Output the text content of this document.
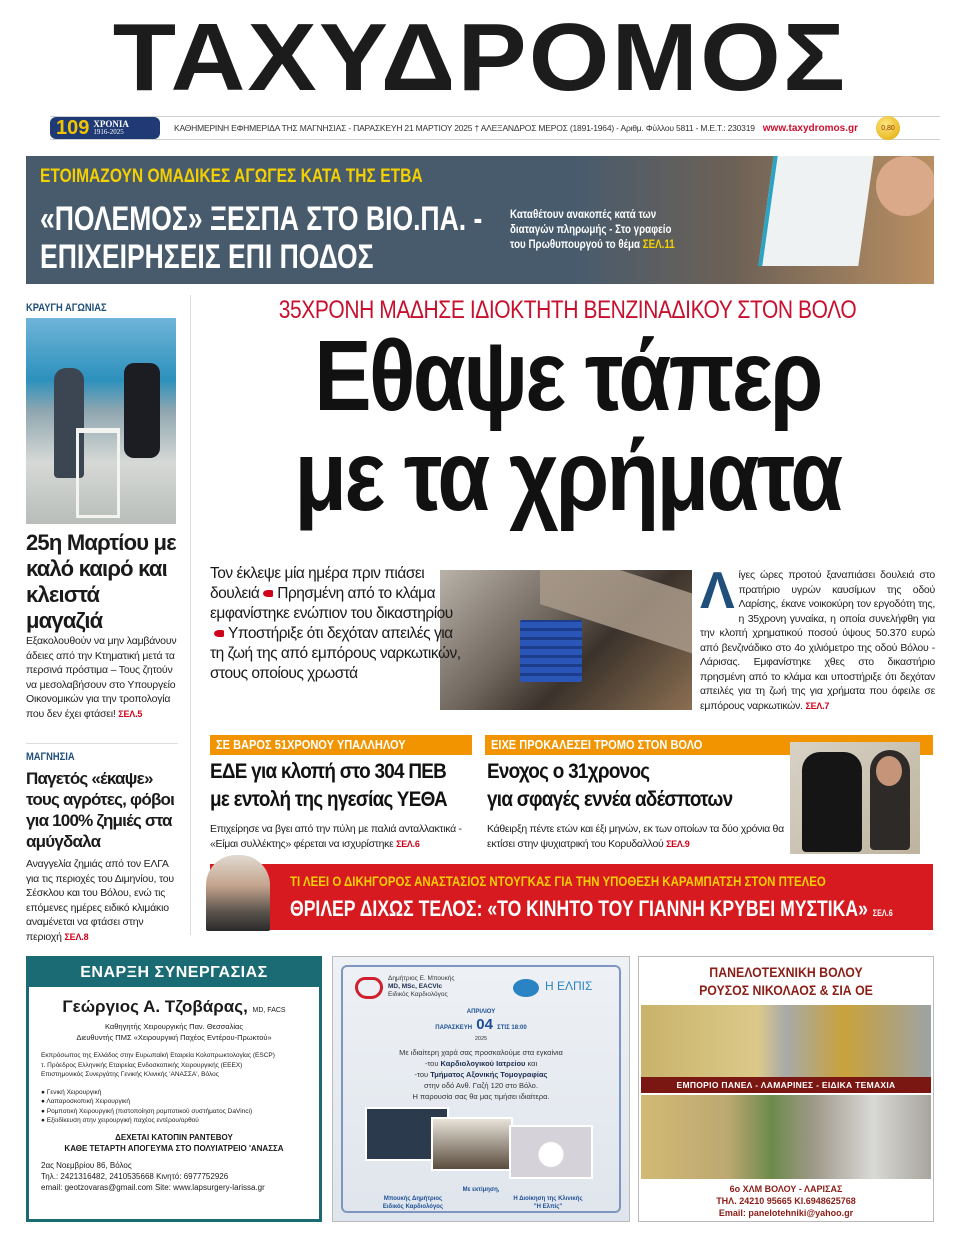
ΤΑΧΥΔΡΟΜΟΣ
109 ΧΡΟΝΙΑ
1916-2025	ΚΑΘΗΜΕΡΙΝΗ ΕΦΗΜΕΡΙΔΑ ΤΗΣ ΜΑΓΝΗΣΙΑΣ - ΠΑΡΑΣΚΕΥΗ 21 ΜΑΡΤΙΟΥ 2025 † ΑΛΕΞΑΝΔΡΟΣ ΜΕΡΟΣ (1891-1964) - Αριθμ. Φύλλου 5811 - Μ.Ε.Τ.: 230319 www.taxydromos.gr	0,80
ΕΤΟΙΜΑΖΟΥΝ ΟΜΑΔΙΚΕΣ ΑΓΩΓΕΣ ΚΑΤΑ ΤΗΣ ΕΤΒΑ
«ΠΟΛΕΜΟΣ» ΞΕΣΠΑ ΣΤΟ ΒΙΟ.ΠΑ. -
ΕΠΙΧΕΙΡΗΣΕΙΣ ΕΠΙ ΠΟΔΟΣ
Καταθέτουν ανακοπές κατά των διαταγών πληρωμής - Στο γραφείο του Πρωθυπουργού το θέμα ΣΕΛ.11
ΚΡΑΥΓΗ ΑΓΩΝΙΑΣ
25η Μαρτίου με καλό καιρό και κλειστά μαγαζιά
Εξακολουθούν να μην λαμβάνουν άδειες από την Κτηματική μετά τα περσινά πρόστιμα – Τους ζητούν να μεσολαβήσουν στο Υπουργείο Οικονομικών για την τροπολογία που δεν έχει φτάσει! ΣΕΛ.5
ΜΑΓΝΗΣΙΑ
Παγετός «έκαψε» τους αγρότες, φόβοι για 100% ζημιές στα αμύγδαλα
Αναγγελία ζημιάς από τον ΕΛΓΑ για τις περιοχές του Διμηνίου, του Σέσκλου και του Βόλου, ενώ τις επόμενες ημέρες ειδικό κλιμάκιο αναμένεται να φτάσει στην περιοχή ΣΕΛ.8
35ΧΡΟΝΗ ΜΑΔΗΣΕ ΙΔΙΟΚΤΗΤΗ ΒΕΝΖΙΝΑΔΙΚΟΥ ΣΤΟΝ ΒΟΛΟ
Εθαψε τάπερ
με τα χρήματα
Τον έκλεψε μία ημέρα πριν πιάσει δουλειά Πρησμένη από το κλάμα εμφανίστηκε ενώπιον του δικαστηρίουΥποστήριξε ότι δεχόταν απειλές για τη ζωή της από εμπόρους ναρκωτικών, στους οποίους χρωστά
Λ ίγες ώρες προτού ξαναπιάσει δουλειά στο πρατήριο υγρών καυσίμων της οδού Λαρίσης, έκανε νοικοκύρη τον εργοδότη της, η 35χρονη γυναίκα, η οποία συνελήφθη για την κλοπή χρηματικού ποσού ύψους 50.370 ευρώ από βενζινάδικο στο 4ο χιλιόμετρο της οδού Βόλου - Λάρισας. Εμφανίστηκε χθες στο δικαστήριο πρησμένη από το κλάμα και υποστήριξε ότι δεχόταν απειλές για τη ζωή της για χρήματα που όφειλε σε εμπόρους ναρκωτικών. ΣΕΛ.7
ΣΕ ΒΑΡΟΣ 51ΧΡΟΝΟΥ ΥΠΑΛΛΗΛΟΥ
ΕΔΕ για κλοπή στο 304 ΠΕΒ
με εντολή της ηγεσίας ΥΕΘΑ
Επιχείρησε να βγει από την πύλη με παλιά ανταλλακτικά - «Είμαι συλλέκτης» φέρεται να ισχυρίστηκε ΣΕΛ.6
ΕΙΧΕ ΠΡΟΚΑΛΕΣΕΙ ΤΡΟΜΟ ΣΤΟΝ ΒΟΛΟ
Ενοχος ο 31χρονος
για σφαγές εννέα αδέσποτων
Κάθειρξη πέντε ετών και έξι μηνών, εκ των οποίων τα δύο χρόνια θα εκτίσει στην ψυχιατρική του Κορυδαλλού ΣΕΛ.9
ΤΙ ΛΕΕΙ Ο ΔΙΚΗΓΟΡΟΣ ΑΝΑΣΤΑΣΙΟΣ ΝΤΟΥΓΚΑΣ ΓΙΑ ΤΗΝ ΥΠΟΘΕΣΗ ΚΑΡΑΜΠΑΤΣΗ ΣΤΟΝ ΠΤΕΛΕΟ
ΘΡΙΛΕΡ ΔΙΧΩΣ ΤΕΛΟΣ: «ΤΟ ΚΙΝΗΤΟ ΤΟΥ ΓΙΑΝΝΗ ΚΡΥΒΕΙ ΜΥΣΤΙΚΑ» ΣΕΛ.6
ΕΝΑΡΞΗ ΣΥΝΕΡΓΑΣΙΑΣ
Γεώργιος Α. Τζοβάρας, MD, FACS
Καθηγητής Χειρουργικής Παν. Θεσσαλίας
Διευθυντής ΠΜΣ «Χειρουργική Παχέος Εντέρου-Πρωκτού»
Εκπρόσωπος της Ελλάδος στην Ευρωπαϊκή Εταιρεία Κολοπρωκτολογίας (ESCP)
τ. Πρόεδρος Ελληνικής Εταιρείας Ενδοσκοπικής Χειρουργικής (ΕΕΕΧ)
Επιστημονικός Συνεργάτης Γενικής Κλινικής 'ΑΝΑΣΣΑ', Βόλος
● Γενική Χειρουργική
● Λαπαροσκοπική Χειρουργική
● Ρομποτική Χειρουργική (πιστοποίηση ρομποτικού συστήματος DaVinci)
● Εξειδίκευση στην χειρουργική παχέος εντέρου/ορθού
ΔΕΧΕΤΑΙ ΚΑΤΟΠΙΝ ΡΑΝΤΕΒΟΥ
ΚΑΘΕ ΤΕΤΑΡΤΗ ΑΠΟΓΕΥΜΑ ΣΤΟ ΠΟΛΥΙΑΤΡΕΙΟ 'ΑΝΑΣΣΑ
2ας Νοεμβρίου 86, Βόλος
Τηλ.: 2421316482, 2410535668 Κινητό: 6977752926
email: geotzovaras@gmail.com Site: www.lapsurgery-larissa.gr
Δημήτριος Ε. Μπουκής
MD, MSc, EACVIc
Ειδικός Καρδιολόγος
Η ΕΛΠΙΣ
ΑΠΡΙΛΙΟΥ
ΠΑΡΑΣΚΕΥΗ 04 ΣΤΙΣ 18:00
2025
Με ιδιαίτερη χαρά σας προσκαλούμε στα εγκαίνια
-του Καρδιολογικού Ιατρείου και
-του Τμήματος Αξονικής Τομογραφίας
στην οδό Ανθ. Γαζή 120 στο Βόλο.
Η παρουσία σας θα μας τιμήσει ιδιαίτερα.
Με εκτίμηση,
Μπουκής Δημήτριος
Ειδικός Καρδιολόγος
Η Διοίκηση της Κλινικής
"Η Ελπίς"
ΠΑΝΕΛΟΤΕΧΝΙΚΗ ΒΟΛΟΥ
ΡΟΥΣΟΣ ΝΙΚΟΛΑΟΣ & ΣΙΑ ΟΕ
ΕΜΠΟΡΙΟ ΠΑΝΕΛ - ΛΑΜΑΡΙΝΕΣ - ΕΙΔΙΚΑ ΤΕΜΑΧΙΑ
6ο ΧΛΜ ΒΟΛΟΥ - ΛΑΡΙΣΑΣ
ΤΗΛ. 24210 95665 ΚΙ.6948625768
Email: panelotehniki@yahoo.gr
